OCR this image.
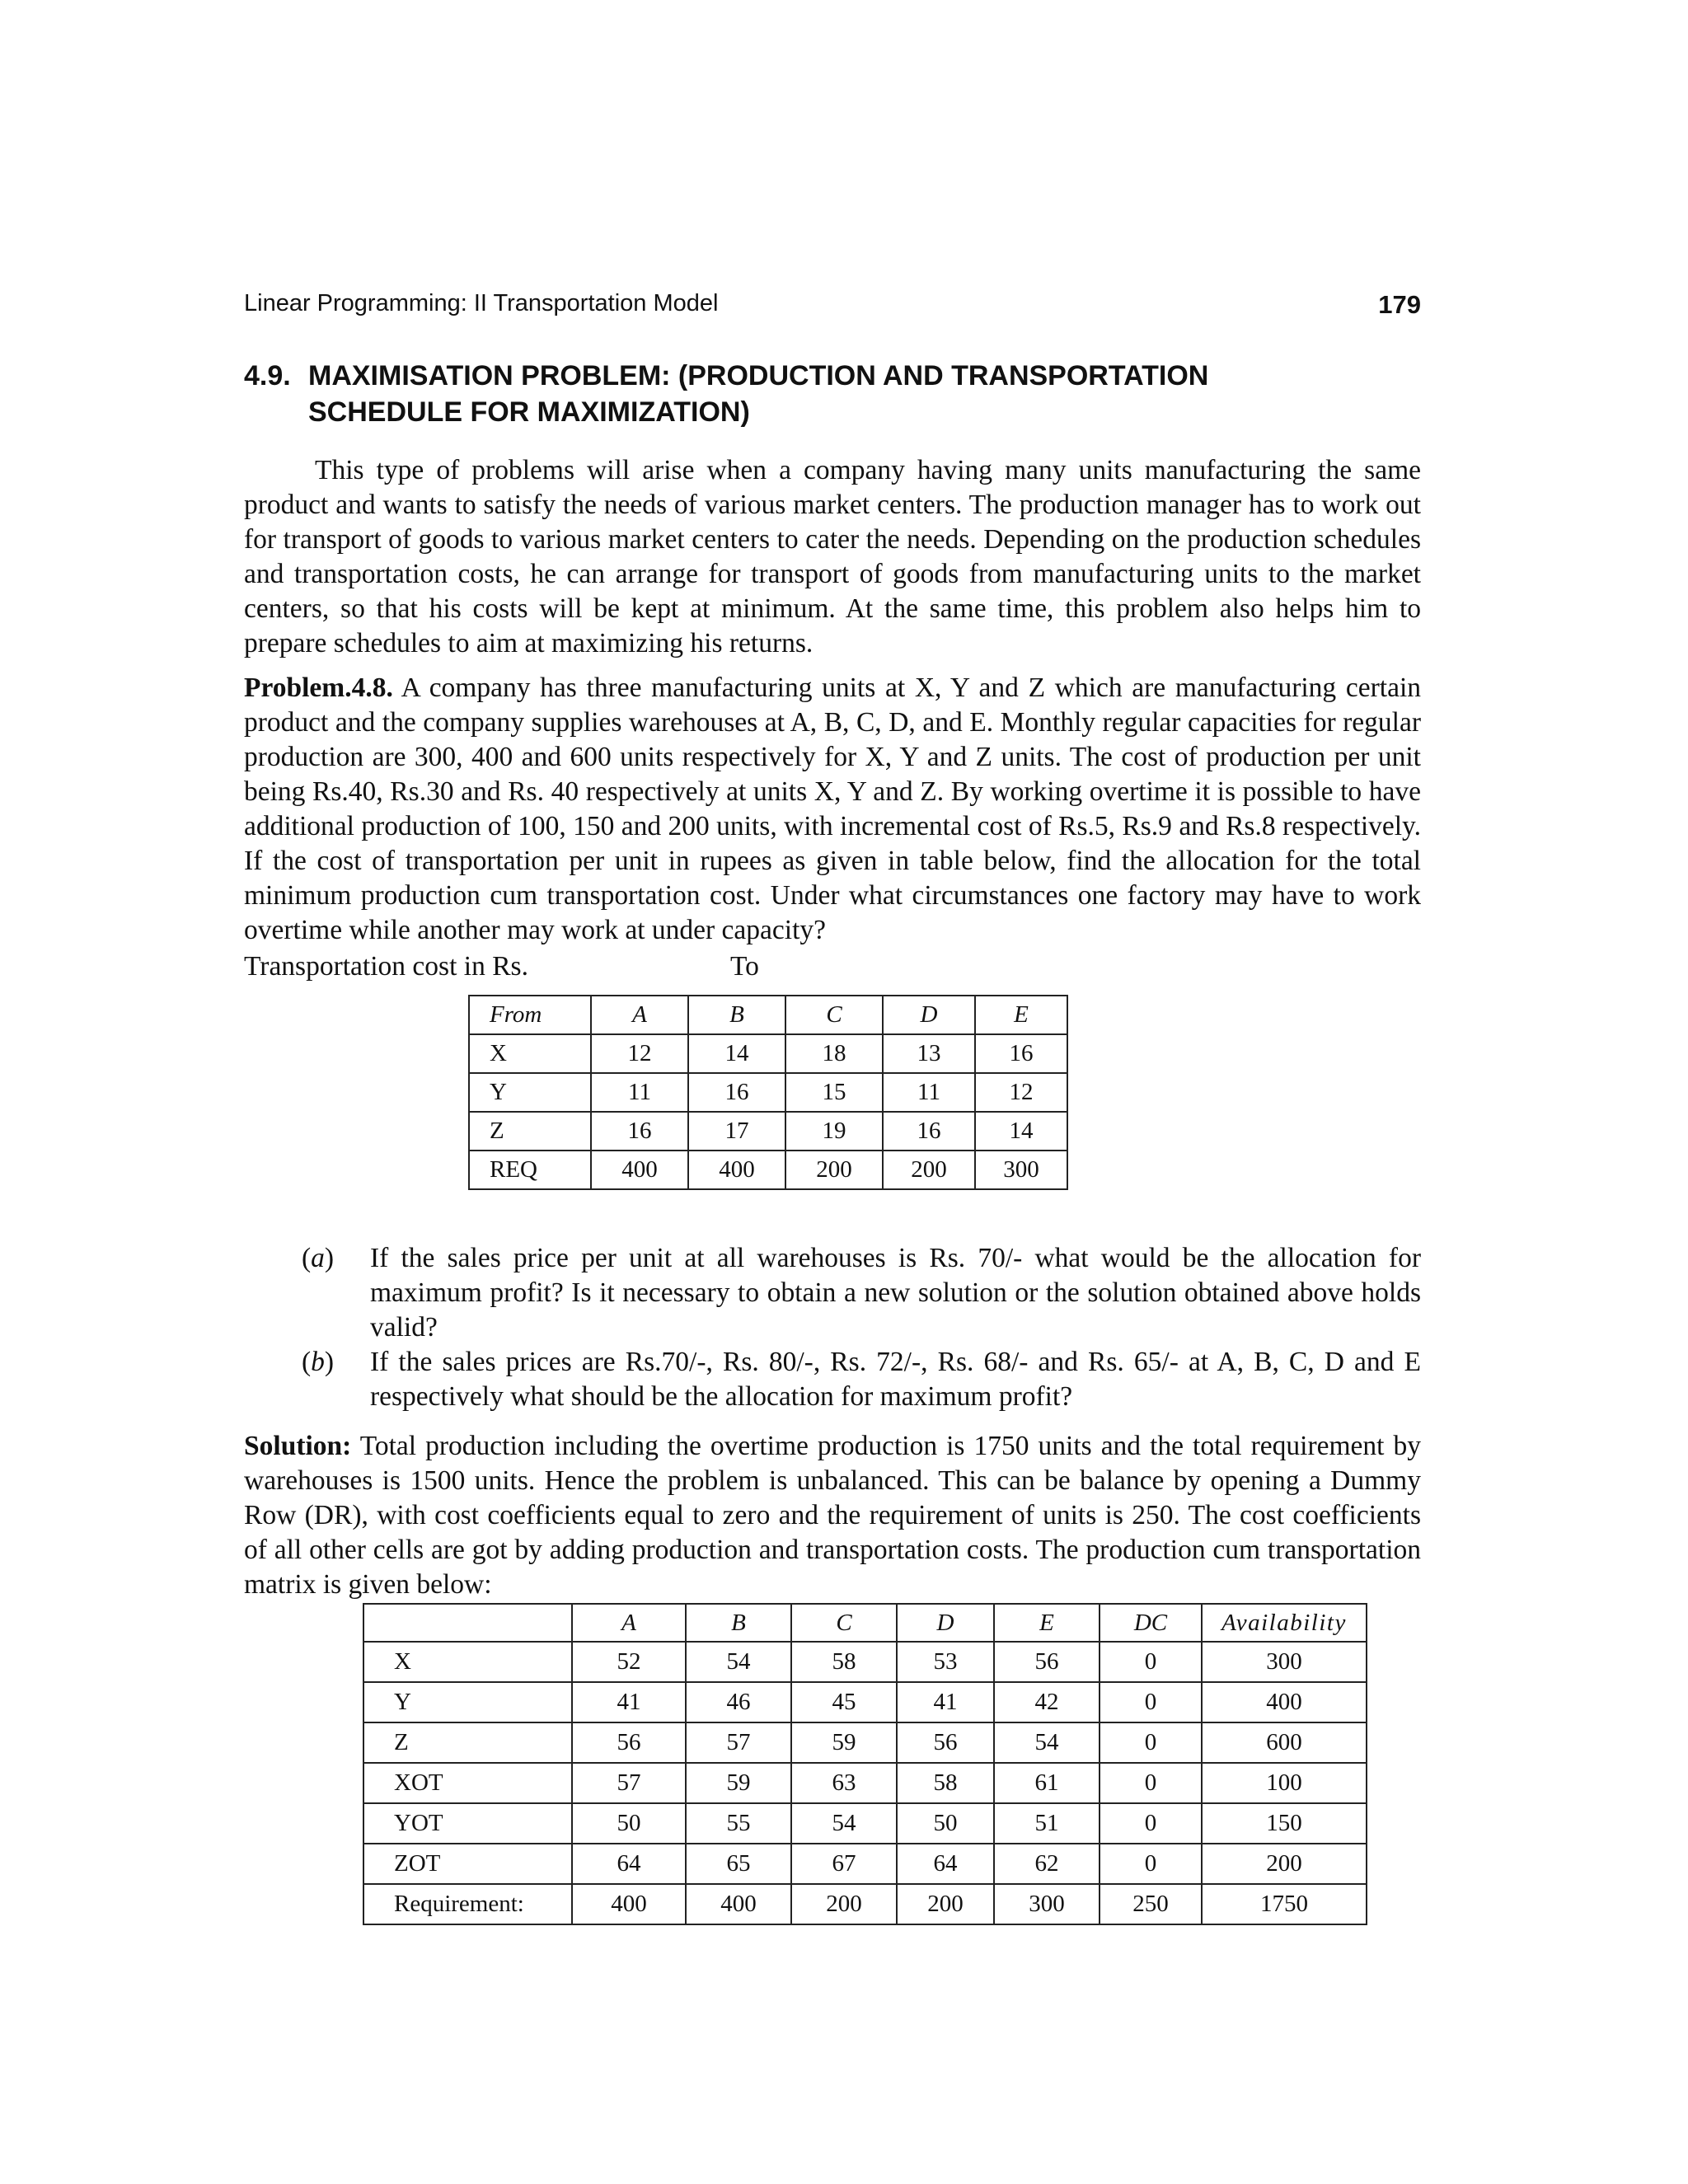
Linear Programming: II Transportation Model	179
4.9. MAXIMISATION PROBLEM: (PRODUCTION AND TRANSPORTATION
SCHEDULE FOR MAXIMIZATION)

This type of problems will arise when a company having many units manufacturing the same product and wants to satisfy the needs of various market centers. The production manager has to work out for transport of goods to various market centers to cater the needs. Depending on the production schedules and transportation costs, he can arrange for transport of goods from manufacturing units to the market centers, so that his costs will be kept at minimum. At the same time, this problem also helps him to prepare schedules to aim at maximizing his returns.

Problem.4.8. A company has three manufacturing units at X, Y and Z which are manufacturing certain product and the company supplies warehouses at A, B, C, D, and E. Monthly regular capacities for regular production are 300, 400 and 600 units respectively for X, Y and Z units. The cost of production per unit being Rs.40, Rs.30 and Rs. 40 respectively at units X, Y and Z. By working overtime it is possible to have additional production of 100, 150 and 200 units, with incremental cost of Rs.5, Rs.9 and Rs.8 respectively. If the cost of transportation per unit in rupees as given in table below, find the allocation for the total minimum production cum transportation cost. Under what circumstances one factory may have to work overtime while another may work at under capacity?

Transportation cost in Rs.	To
From	A	B	C	D	E
X	12	14	18	13	16
Y	11	16	15	11	12
Z	16	17	19	16	14
REQ	400	400	200	200	300
(a) If the sales price per unit at all warehouses is Rs. 70/- what would be the allocation for maximum profit? Is it necessary to obtain a new solution or the solution obtained above holds valid?
(b) If the sales prices are Rs.70/-, Rs. 80/-, Rs. 72/-, Rs. 68/- and Rs. 65/- at A, B, C, D and E respectively what should be the allocation for maximum profit?

Solution: Total production including the overtime production is 1750 units and the total requirement by warehouses is 1500 units. Hence the problem is unbalanced. This can be balance by opening a Dummy Row (DR), with cost coefficients equal to zero and the requirement of units is 250. The cost coefficients of all other cells are got by adding production and transportation costs. The production cum transportation matrix is given below:

	A	B	C	D	E	DC	Availability
X	52	54	58	53	56	0	300
Y	41	46	45	41	42	0	400
Z	56	57	59	56	54	0	600
XOT	57	59	63	58	61	0	100
YOT	50	55	54	50	51	0	150
ZOT	64	65	67	64	62	0	200
Requirement:	400	400	200	200	300	250	1750
